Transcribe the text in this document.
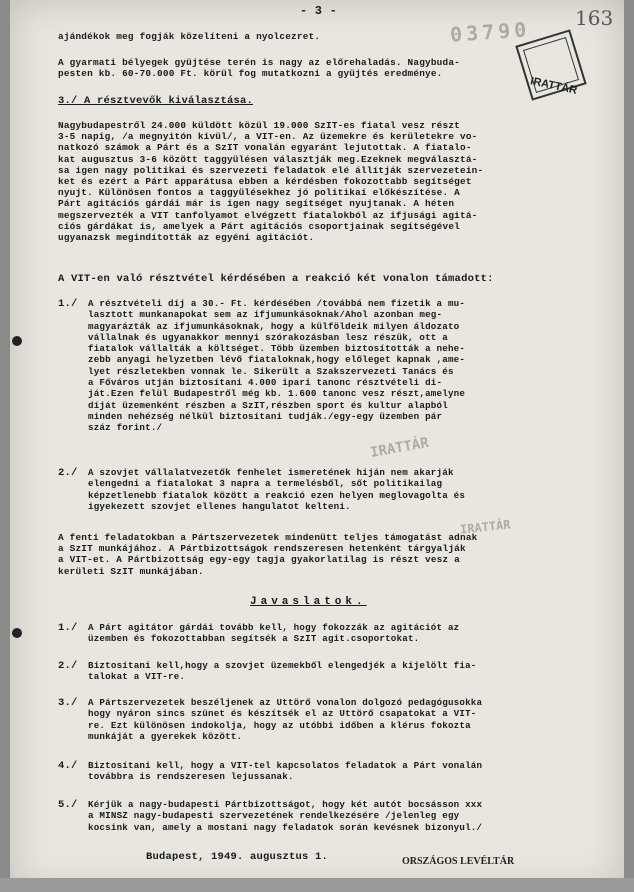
- 3 -	163
03790
IRATTÁR
ajándékok meg fogják közelíteni a nyolcezret.
A gyarmati bélyegek gyüjtése terén is nagy az előrehaladás. Nagybuda-
pesten kb. 60-70.000 Ft. körül fog mutatkozni a gyüjtés eredménye.
3./ A résztvevők kiválasztása.
Nagybudapestről 24.000 küldött közül 19.000 SzIT-es fiatal vesz részt
3-5 napig, /a megnyitón kivül/, a VIT-en. Az üzemekre és kerületekre vo-
natkozó számok a Párt és a SzIT vonalán egyaránt lejutottak. A fiatalo-
kat augusztus 3-6 között taggyülésen választják meg.Ezeknek megválasztá-
sa igen nagy politikai és szervezeti feladatok elé állítják szervezetein-
ket és ezért a Párt apparátusa ebben a kérdésben fokozottabb segítséget
nyujt. Különösen fontos a taggyülésekhez jó politikai előkészítése. A
Párt agitációs gárdái már is igen nagy segítséget nyujtanak. A héten
megszervezték a VIT tanfolyamot elvégzett fiatalokból az ifjusági agitá-
ciós gárdákat is, amelyek a Párt agitációs csoportjainak segítségével
ugyanazsk megindították az egyéni agitációt.
A VIT-en való résztvétel kérdésében a reakció két vonalon támadott:
1./ A résztvételi díj a 30.- Ft. kérdésében /továbbá nem fizetik a mu-
lasztott munkanapokat sem az ifjumunkásoknak/Ahol azonban meg-
magyarázták az ifjumunkásoknak, hogy a külföldeik milyen áldozato
vállalnak és ugyanakkor mennyi szórakozásban lesz részük, ott a
fiatalok vállalták a költséget. Több üzemben biztosították a nehe-
zebb anyagi helyzetben lévő fiataloknak,hogy előleget kapnak ,ame-
lyet részletekben vonnak le. Sikerült a Szakszervezeti Tanács és
a Főváros utján biztosítani 4.000 ipari tanonc résztvételi di-
ját.Ezen felül Budapestről még kb. 1.600 tanonc vesz részt,amelyne
díját üzemenként részben a SzIT,részben sport és kultur alapból
minden nehézség nélkül biztosítani tudják./egy-egy üzemben pár
száz forint./
2./ A szovjet vállalatvezetők fenhelet ismeretének hiján nem akarják
elengedni a fiatalokat 3 napra a termelésből, sőt politikailag
képzetlenebb fiatalok között a reakció ezen helyen meglovagolta és
igyekezett szovjet ellenes hangulatot kelteni.
IRATTÁR
IRATTÁR
A fenti feladatokban a Pártszervezetek mindenütt teljes támogatást adnak
a SzIT munkájához. A Pártbizottságok rendszeresen hetenként tárgyalják
a VIT-et. A Pártbizottság egy-egy tagja gyakorlatilag is részt vesz a
kerületi SzIT munkájában.
Javaslatok.
1./ A Párt agitátor gárdái tovább kell, hogy fokozzák az agitációt az
üzemben és fokozottabban segítsék a SzIT agit.csoportokat.
2./ Biztosítani kell,hogy a szovjet üzemekből elengedjék a kijelölt fia-
talokat a VIT-re.
3./ A Pártszervezetek beszéljenek az Uttörő vonalon dolgozó pedagógusokka
hogy nyáron sincs szünet és készítsék el az Uttörő csapatokat a VIT-
re. Ezt különösen indokolja, hogy az utóbbi időben a klérus fokozta
munkáját a gyerekek között.
4./ Biztosítani kell, hogy a VIT-tel kapcsolatos feladatok a Párt vonalán
továbbra is rendszeresen lejussanak.
5./ Kérjük a nagy-budapesti Pártbizottságot, hogy két autót bocsásson xxx
a MINSZ nagy-budapesti szervezetének rendelkezésére /jelenleg egy
kocsink van, amely a mostani nagy feladatok során kevésnek bizonyul./
Budapest, 1949. augusztus 1.	ORSZÁGOS LEVÉLTÁR
